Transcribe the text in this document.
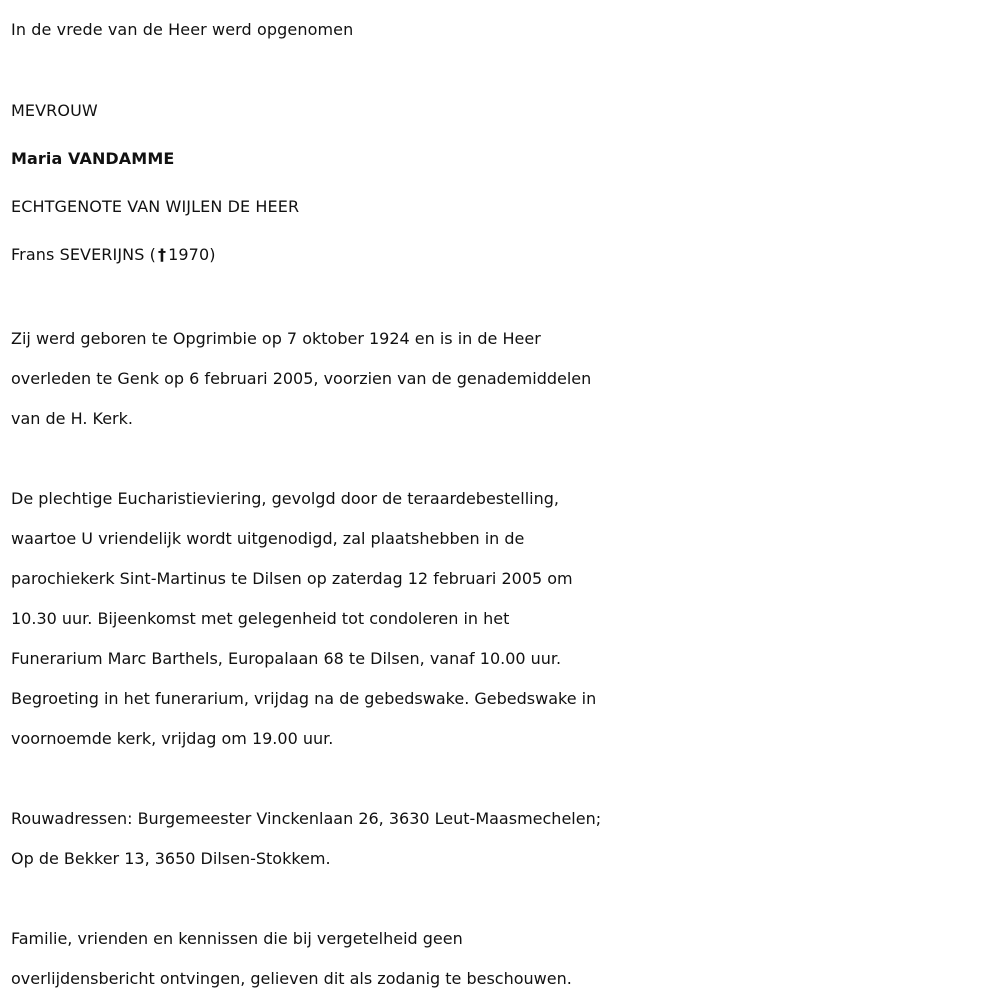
In de vrede van de Heer werd opgenomen
MEVROUW
Maria VANDAMME
ECHTGENOTE VAN WIJLEN DE HEER
Frans SEVERIJNS ( † 1970)
Zij werd geboren te Opgrimbie op 7 oktober 1924 en is in de Heer
overleden te Genk op 6 februari 2005, voorzien van de genademiddelen
van de H. Kerk.
De plechtige Eucharistieviering, gevolgd door de teraardebestelling,
waartoe U vriendelijk wordt uitgenodigd, zal plaatshebben in de
parochiekerk Sint-Martinus te Dilsen op zaterdag 12 februari 2005 om
10.30 uur. Bijeenkomst met gelegenheid tot condoleren in het
Funerarium Marc Barthels, Europalaan 68 te Dilsen, vanaf 10.00 uur.
Begroeting in het funerarium, vrijdag na de gebedswake. Gebedswake in
voornoemde kerk, vrijdag om 19.00 uur.
Rouwadressen: Burgemeester Vinckenlaan 26, 3630 Leut-Maasmechelen;
Op de Bekker 13, 3650 Dilsen-Stokkem.
Familie, vrienden en kennissen die bij vergetelheid geen
overlijdensbericht ontvingen, gelieven dit als zodanig te beschouwen.
